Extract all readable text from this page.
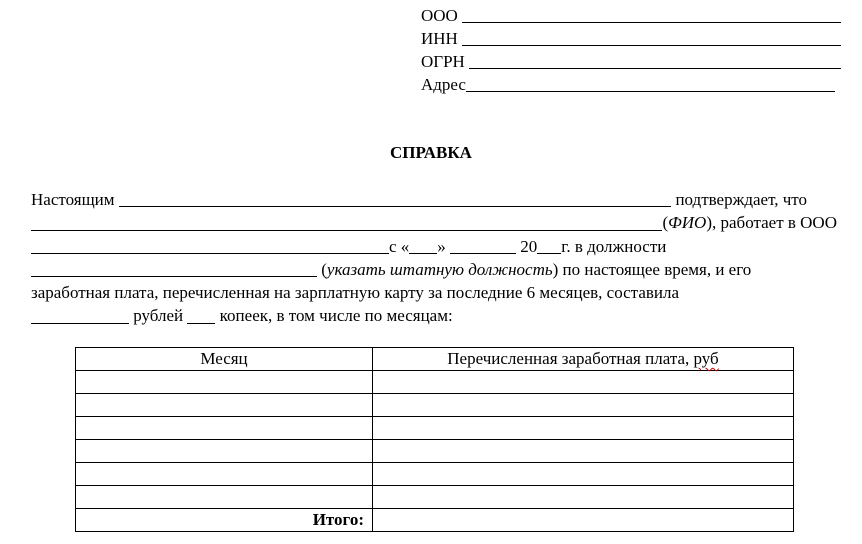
ООО
ИНН
ОГРН
Адрес
СПРАВКА
Настоящим

	подтверждает, что
( ФИО ), работает в ООО
с « »

	20 г. в должности

( указать штатную должность ) по настоящее время, и его
заработная плата, перечисленная на зарплатную карту за последние 6 месяцев, составила

рублей

копеек, в том числе по месяцам:
Месяц	Перечисленная заработная плата, руб

Итого:	
